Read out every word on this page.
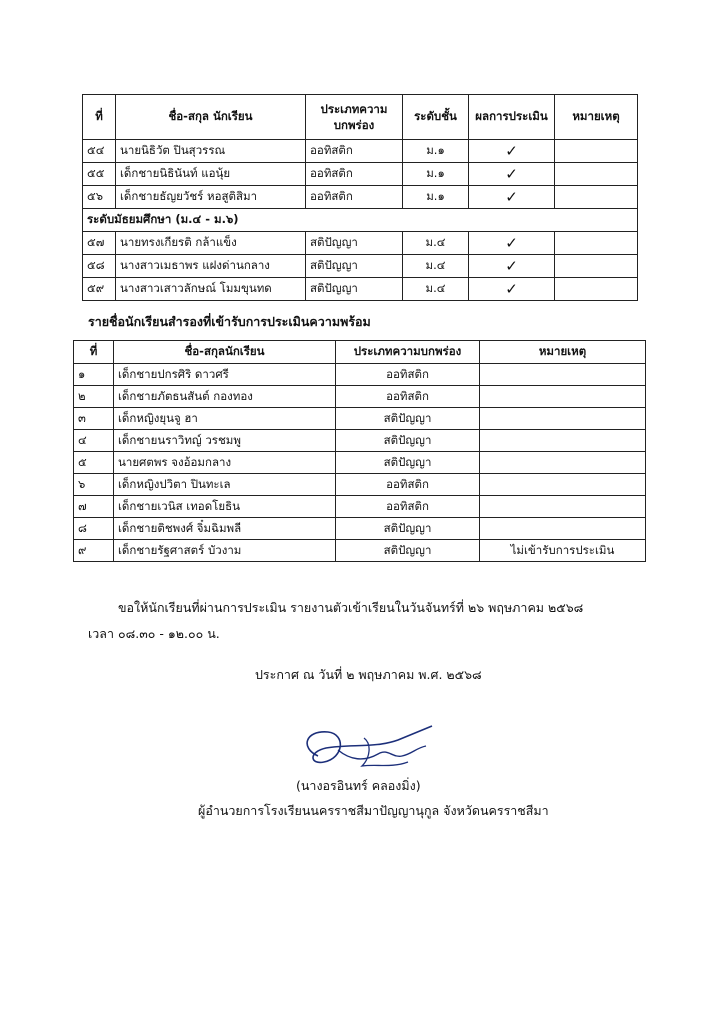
ที่	ชื่อ-สกุล นักเรียน	ประเภทความบกพร่อง	ระดับชั้น	ผลการประเมิน	หมายเหตุ
๕๔	นายนิธิวัต ปินสุวรรณ	ออทิสติก	ม.๑	✓	
๕๕	เด็กชายนิธินันท์ แอนุ้ย	ออทิสติก	ม.๑	✓	
๕๖	เด็กชายธัญยวัชร์ หอสูติสิมา	ออทิสติก	ม.๑	✓	
ระดับมัธยมศึกษา (ม.๔ - ม.๖)					
๕๗	นายทรงเกียรติ กล้าแข็ง	สติปัญญา	ม.๔	✓	
๕๘	นางสาวเมธาพร แฝงด่านกลาง	สติปัญญา	ม.๔	✓	
๕๙	นางสาวเสาวลักษณ์ โมมขุนทด	สติปัญญา	ม.๔	✓	
รายชื่อนักเรียนสำรองที่เข้ารับการประเมินความพร้อม
ที่	ชื่อ-สกุลนักเรียน	ประเภทความบกพร่อง	หมายเหตุ
๑	เด็กชายปกรศิริ ดาวศรี	ออทิสติก	
๒	เด็กชายภัตธนสันต์ กองทอง	ออทิสติก	
๓	เด็กหญิงยุนจู ฮา	สติปัญญา	
๔	เด็กชายนราวิทญ์ วรชมพู	สติปัญญา	
๕	นายศตพร จงอ้อมกลาง	สติปัญญา	
๖	เด็กหญิงปวิตา ปินทะเล	ออทิสติก	
๗	เด็กชายเวนิส เทอดโยธิน	ออทิสติก	
๘	เด็กชายติชพงศ์ จิ๋มฉิมพลี	สติปัญญา	
๙	เด็กชายรัฐศาสตร์ บัวงาม	สติปัญญา	ไม่เข้ารับการประเมิน
ขอให้นักเรียนที่ผ่านการประเมิน รายงานตัวเข้าเรียนในวันจันทร์ที่ ๒๖ พฤษภาคม ๒๕๖๘
เวลา ๐๘.๓๐ - ๑๒.๐๐ น.
ประกาศ ณ วันที่ ๒ พฤษภาคม พ.ศ. ๒๕๖๘
(นางอรอินทร์ คลองมิ่ง)
ผู้อำนวยการโรงเรียนนครราชสีมาปัญญานุกูล จังหวัดนครราชสีมา
